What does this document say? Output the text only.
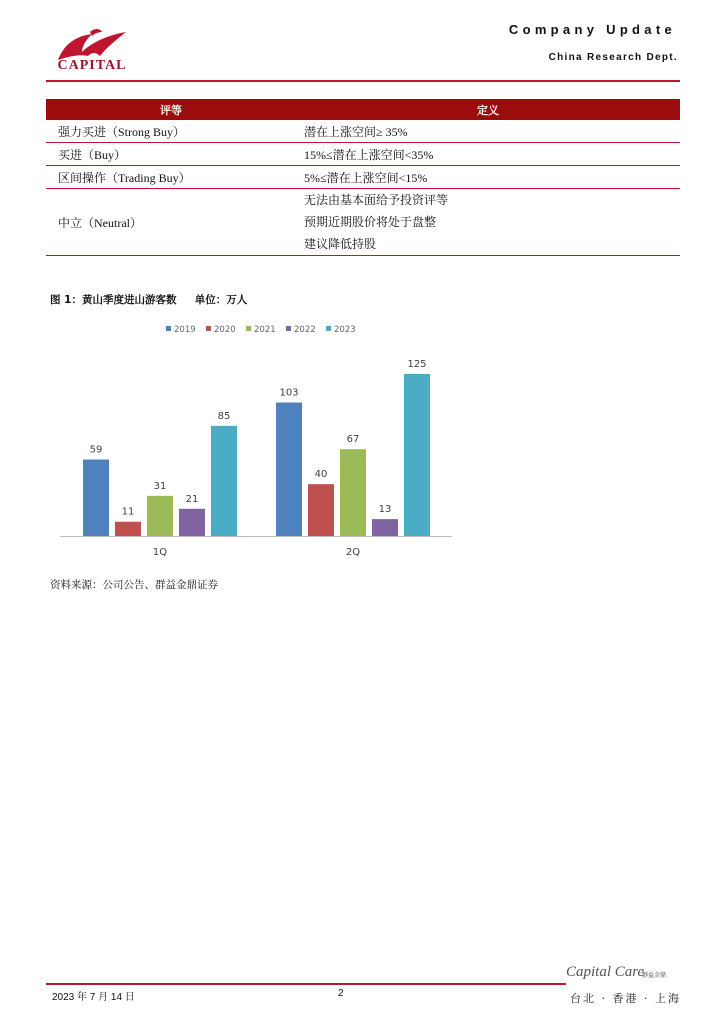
CAPITAL
Company Update
China Research Dept.
评等	定义
强力买进（Strong Buy）	潜在上涨空间≥ 35%
买进（Buy）	15%≤潜在上涨空间<35%
区间操作（Trading Buy）	5%≤潜在上涨空间<15%
中立（Neutral）	无法由基本面给予投资评等
预期近期股价将处于盘整
建议降低持股
图 1：黄山季度进山游客数     单位：万人
2019 2020 2021 2022 2023
59
11
31
21
85
1Q
103
40
67
13
125
2Q
资料来源：公司公告、群益金鼎证券
2023 年 7 月 14 日	2
Capital Care
群益金鼎
台北 · 香港 · 上海
